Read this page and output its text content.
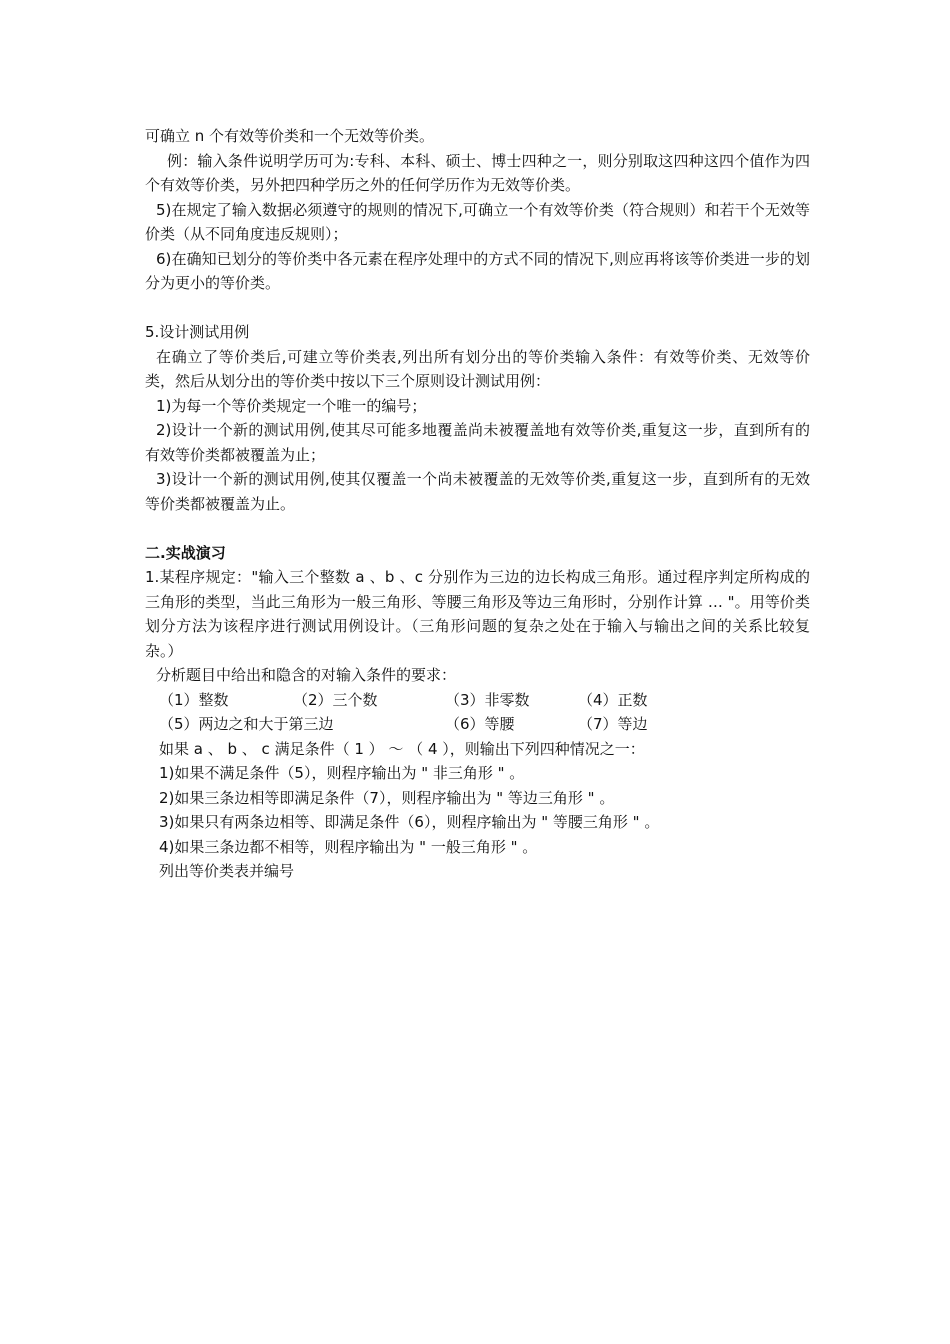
可确立 n 个有效等价类和一个无效等价类。

例：输入条件说明学历可为:专科、本科、硕士、博士四种之一，则分别取这四种这四个值作为四个有效等价类，另外把四种学历之外的任何学历作为无效等价类。

5)在规定了输入数据必须遵守的规则的情况下,可确立一个有效等价类（符合规则）和若干个无效等价类（从不同角度违反规则）；

6)在确知已划分的等价类中各元素在程序处理中的方式不同的情况下,则应再将该等价类进一步的划分为更小的等价类。

5.设计测试用例

在确立了等价类后,可建立等价类表,列出所有划分出的等价类输入条件：有效等价类、无效等价类，然后从划分出的等价类中按以下三个原则设计测试用例：

1)为每一个等价类规定一个唯一的编号；

2)设计一个新的测试用例,使其尽可能多地覆盖尚未被覆盖地有效等价类,重复这一步，直到所有的有效等价类都被覆盖为止；

3)设计一个新的测试用例,使其仅覆盖一个尚未被覆盖的无效等价类,重复这一步，直到所有的无效等价类都被覆盖为止。

二.实战演习

1.某程序规定："输入三个整数 a 、b 、c 分别作为三边的边长构成三角形。通过程序判定所构成的三角形的类型，当此三角形为一般三角形、等腰三角形及等边三角形时，分别作计算 … "。用等价类划分方法为该程序进行测试用例设计。（三角形问题的复杂之处在于输入与输出之间的关系比较复杂。）

分析题目中给出和隐含的对输入条件的要求：

（1）整数	（2）三个数	（3）非零数	（4）正数
（5）两边之和大于第三边	（6）等腰	（7）等边

如果 a 、 b 、 c 满足条件（ 1 ） ～ （ 4 ），则输出下列四种情况之一：

1)如果不满足条件（5），则程序输出为 " 非三角形 " 。

2)如果三条边相等即满足条件（7），则程序输出为 " 等边三角形 " 。

3)如果只有两条边相等、即满足条件（6），则程序输出为 " 等腰三角形 " 。

4)如果三条边都不相等，则程序输出为 " 一般三角形 " 。

列出等价类表并编号
